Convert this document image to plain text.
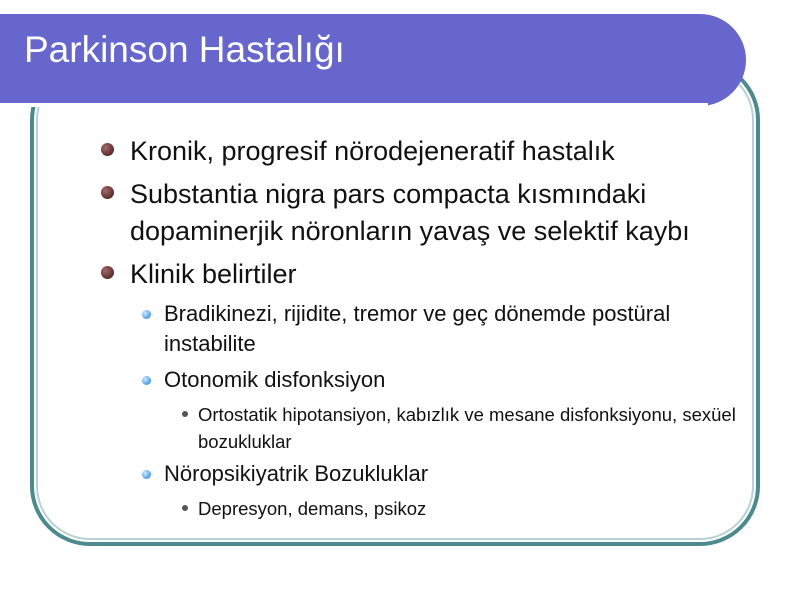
Parkinson Hastalığı
Kronik, progresif nörodejeneratif hastalık
Substantia nigra pars compacta kısmındaki dopaminerjik nöronların yavaş ve selektif kaybı
Klinik belirtiler
Bradikinezi, rijidite, tremor ve geç dönemde postüral instabilite
Otonomik disfonksiyon
Ortostatik hipotansiyon, kabızlık ve mesane disfonksiyonu, sexüel bozukluklar
Nöropsikiyatrik Bozukluklar
Depresyon, demans, psikoz
